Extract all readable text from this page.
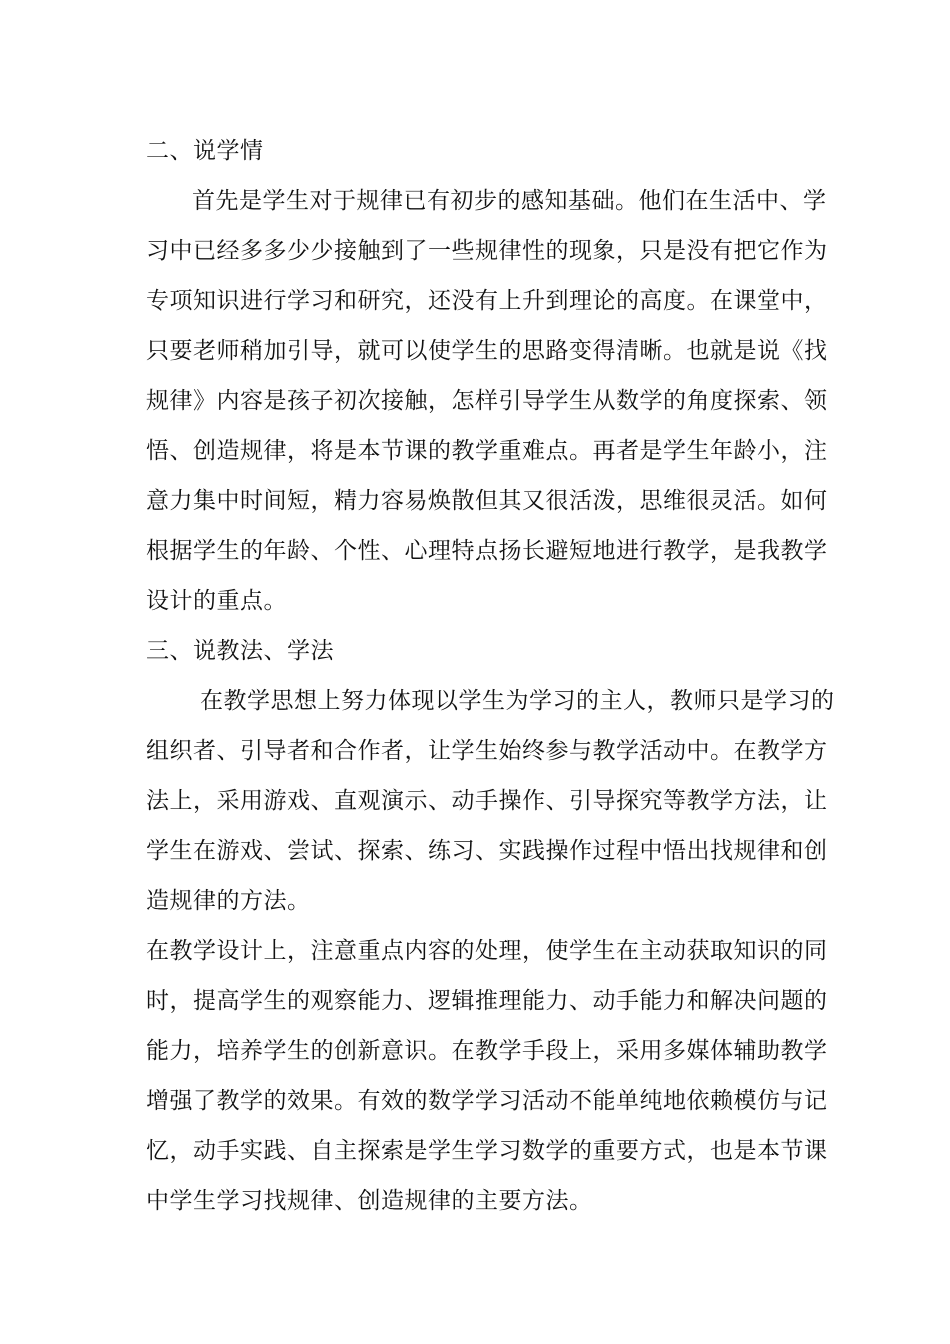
二、说学情
首先是学生对于规律已有初步的感知基础。他们在生活中、学
习中已经多多少少接触到了一些规律性的现象，只是没有把它作为
专项知识进行学习和研究，还没有上升到理论的高度。在课堂中，
只要老师稍加引导，就可以使学生的思路变得清晰。也就是说《找
规律》内容是孩子初次接触，怎样引导学生从数学的角度探索、领
悟、创造规律，将是本节课的教学重难点。再者是学生年龄小，注
意力集中时间短，精力容易焕散但其又很活泼，思维很灵活。如何
根据学生的年龄、个性、心理特点扬长避短地进行教学，是我教学
设计的重点。
三、说教法、学法
在教学思想上努力体现以学生为学习的主人，教师只是学习的
组织者、引导者和合作者，让学生始终参与教学活动中。在教学方
法上，采用游戏、直观演示、动手操作、引导探究等教学方法，让
学生在游戏、尝试、探索、练习、实践操作过程中悟出找规律和创
造规律的方法。
在教学设计上，注意重点内容的处理，使学生在主动获取知识的同
时，提高学生的观察能力、逻辑推理能力、动手能力和解决问题的
能力，培养学生的创新意识。在教学手段上，采用多媒体辅助教学
增强了教学的效果。有效的数学学习活动不能单纯地依赖模仿与记
忆，动手实践、自主探索是学生学习数学的重要方式，也是本节课
中学生学习找规律、创造规律的主要方法。
